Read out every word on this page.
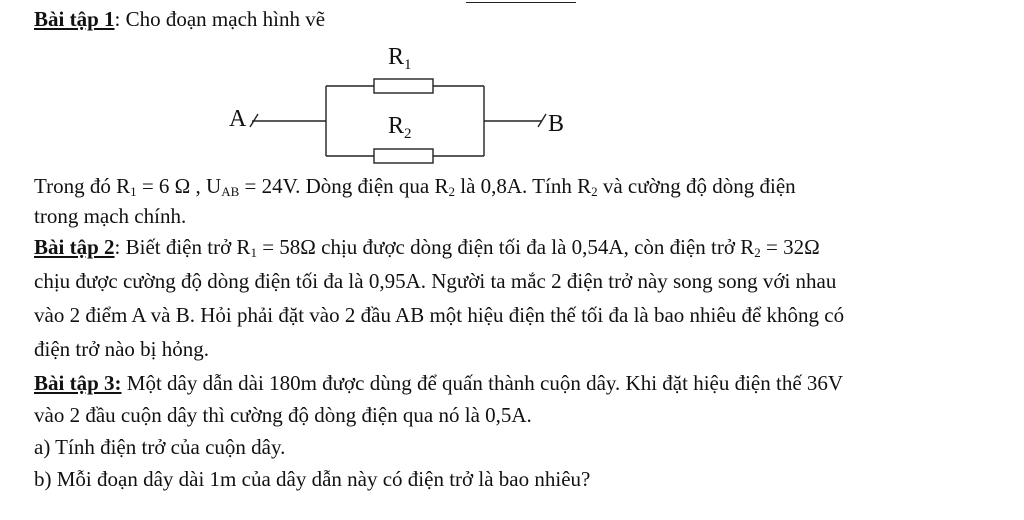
Bài tập 1: Cho đoạn mạch hình vẽ
$R_1$
$R_2$
A	B
Trong đó $R_1 = 6$ Ω , $U_{AB} = 24V$. Dòng điện qua $R_2$ là 0,8A. Tính $R_2$ và cường độ dòng điện
trong mạch chính.
Bài tập 2: Biết điện trở $R_1 = 58\Omega$ chịu được dòng điện tối đa là 0,54A, còn điện trở $R_2 = 32\Omega$
chịu được cường độ dòng điện tối đa là 0,95A. Người ta mắc 2 điện trở này song song với nhau
vào 2 điểm A và B. Hỏi phải đặt vào 2 đầu AB một hiệu điện thế tối đa là bao nhiêu để không có
điện trở nào bị hỏng.
Bài tập 3: Một dây dẫn dài 180m được dùng để quấn thành cuộn dây. Khi đặt hiệu điện thế 36V
vào 2 đầu cuộn dây thì cường độ dòng điện qua nó là 0,5A.
a) Tính điện trở của cuộn dây.
b) Mỗi đoạn dây dài 1m của dây dẫn này có điện trở là bao nhiêu?
